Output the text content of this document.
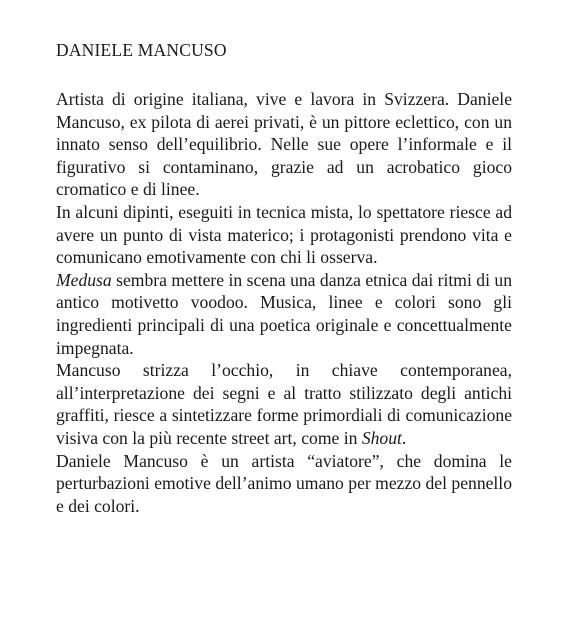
DANIELE MANCUSO

Artista di origine italiana, vive e lavora in Svizzera. Daniele Mancuso, ex pilota di aerei privati, è un pittore eclettico, con un innato senso dell’equilibrio. Nelle sue opere l’informale e il figurativo si contaminano, grazie ad un acrobatico gioco cromatico e di linee.

In alcuni dipinti, eseguiti in tecnica mista, lo spettatore riesce ad avere un punto di vista materico; i protagonisti prendono vita e comunicano emotivamente con chi li osserva.

Medusa sembra mettere in scena una danza etnica dai ritmi di un antico motivetto voodoo. Musica, linee e colori sono gli ingredienti principali di una poetica originale e concettualmente impegnata.

Mancuso strizza l’occhio, in chiave contemporanea, all’interpretazione dei segni e al tratto stilizzato degli antichi graffiti, riesce a sintetizzare forme primordiali di comunicazione visiva con la più recente street art, come in Shout.

Daniele Mancuso è un artista “aviatore”, che domina le perturbazioni emotive dell’animo umano per mezzo del pennello e dei colori.
